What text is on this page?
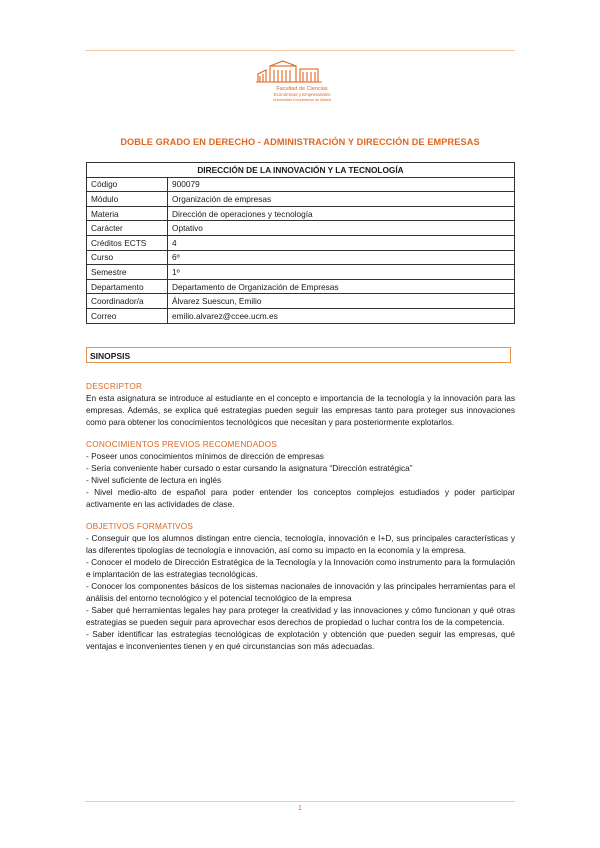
Facultad de Ciencias
Económicas y Empresariales
Universidad Complutense de Madrid
DOBLE GRADO EN DERECHO - ADMINISTRACIÓN Y DIRECCIÓN DE EMPRESAS
DIRECCIÓN DE LA INNOVACIÓN Y LA TECNOLOGÍA	
Código	900079
Módulo	Organización de empresas
Materia	Dirección de operaciones y tecnología
Carácter	Optativo
Créditos ECTS	4
Curso	6º
Semestre	1º
Departamento	Departamento de Organización de Empresas
Coordinador/a	Álvarez Suescun, Emilio
Correo	emilio.alvarez@ccee.ucm.es
SINOPSIS
DESCRIPTOR
En esta asignatura se introduce al estudiante en el concepto e importancia de la tecnología y la innovación para las empresas. Además, se explica qué estrategias pueden seguir las empresas tanto para proteger sus innovaciones como para obtener los conocimientos tecnológicos que necesitan y para posteriormente explotarlos.
CONOCIMIENTOS PREVIOS RECOMENDADOS
- Poseer unos conocimientos mínimos de dirección de empresas
- Sería conveniente haber cursado o estar cursando la asignatura “Dirección estratégica”
- Nivel suficiente de lectura en inglés
- Nivel medio-alto de español para poder entender los conceptos complejos estudiados y poder participar activamente en las actividades de clase.
OBJETIVOS FORMATIVOS
- Conseguir que los alumnos distingan entre ciencia, tecnología, innovación e I+D, sus principales características y las diferentes tipologías de tecnología e innovación, así como su impacto en la economía y la empresa.
- Conocer el modelo de Dirección Estratégica de la Tecnología y la Innovación como instrumento para la formulación e implantación de las estrategias tecnológicas.
- Conocer los componentes básicos de los sistemas nacionales de innovación y las principales herramientas para el análisis del entorno tecnológico y el potencial tecnológico de la empresa
- Saber qué herramientas legales hay para proteger la creatividad y las innovaciones y cómo funcionan y qué otras estrategias se pueden seguir para aprovechar esos derechos de propiedad o luchar contra los de la competencia.
- Saber identificar las estrategias tecnológicas de explotación y obtención que pueden seguir las empresas, qué ventajas e inconvenientes tienen y en qué circunstancias son más adecuadas.
1
